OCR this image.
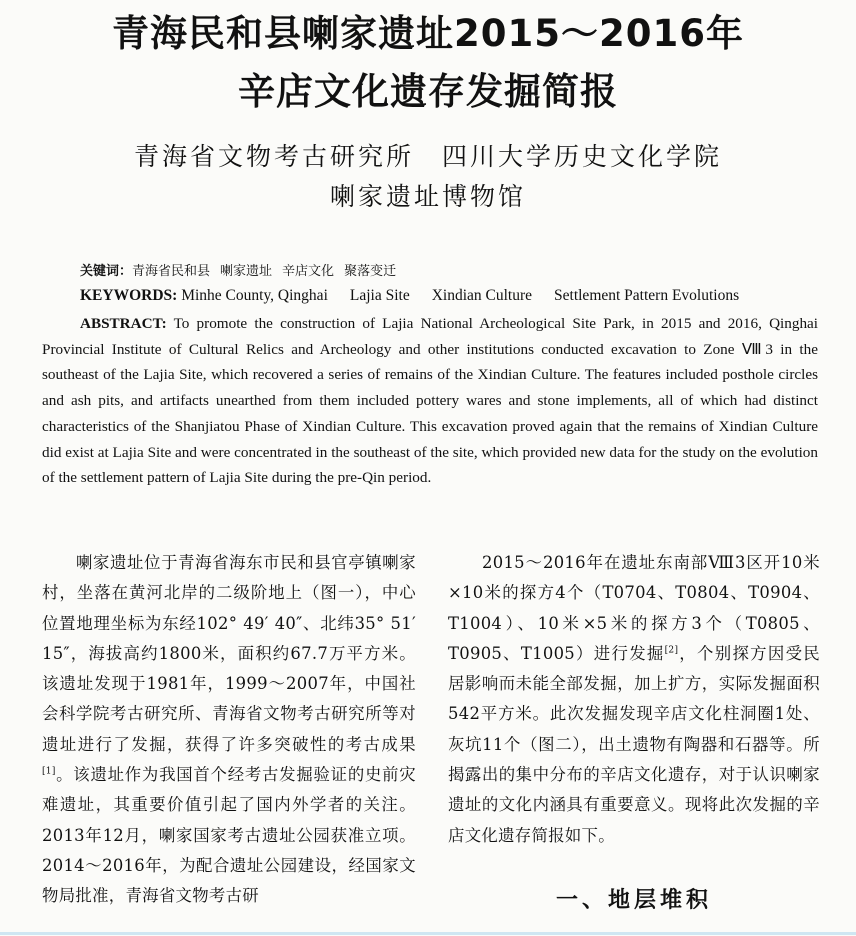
青海民和县喇家遗址2015～2016年
辛店文化遗存发掘简报

青海省文物考古研究所　四川大学历史文化学院

喇家遗址博物馆

关键词：青海省民和县 喇家遗址 辛店文化 聚落变迁

KEYWORDS: Minhe County, Qinghai Lajia Site Xindian Culture Settlement Pattern Evolutions

ABSTRACT: To promote the construction of Lajia National Archeological Site Park, in 2015 and 2016, Qinghai Provincial Institute of Cultural Relics and Archeology and other institutions conducted excavation to Zone Ⅷ3 in the southeast of the Lajia Site, which recovered a series of remains of the Xindian Culture. The features included posthole circles and ash pits, and artifacts unearthed from them included pottery wares and stone implements, all of which had distinct characteristics of the Shanjiatou Phase of Xindian Culture. This excavation proved again that the remains of Xindian Culture did exist at Lajia Site and were concentrated in the southeast of the site, which provided new data for the study on the evolution of the settlement pattern of Lajia Site during the pre-Qin period.

喇家遗址位于青海省海东市民和县官亭镇喇家村，坐落在黄河北岸的二级阶地上（图一），中心位置地理坐标为东经102° 49′ 40″、北纬35° 51′ 15″，海拔高约1800米，面积约67.7万平方米。该遗址发现于1981年，1999～2007年，中国社会科学院考古研究所、青海省文物考古研究所等对遗址进行了发掘，获得了许多突破性的考古成果[1]。该遗址作为我国首个经考古发掘验证的史前灾难遗址，其重要价值引起了国内外学者的关注。2013年12月，喇家国家考古遗址公园获准立项。2014～2016年，为配合遗址公园建设，经国家文物局批准，青海省文物考古研

2015～2016年在遗址东南部Ⅷ3区开10米×10米的探方4个（T0704、T0804、T0904、T1004）、10米×5米的探方3个（T0805、T0905、T1005）进行发掘[2]，个别探方因受民居影响而未能全部发掘，加上扩方，实际发掘面积542平方米。此次发掘发现辛店文化柱洞圈1处、灰坑11个（图二），出土遗物有陶器和石器等。所揭露出的集中分布的辛店文化遗存，对于认识喇家遗址的文化内涵具有重要意义。现将此次发掘的辛店文化遗存简报如下。

一、地层堆积
